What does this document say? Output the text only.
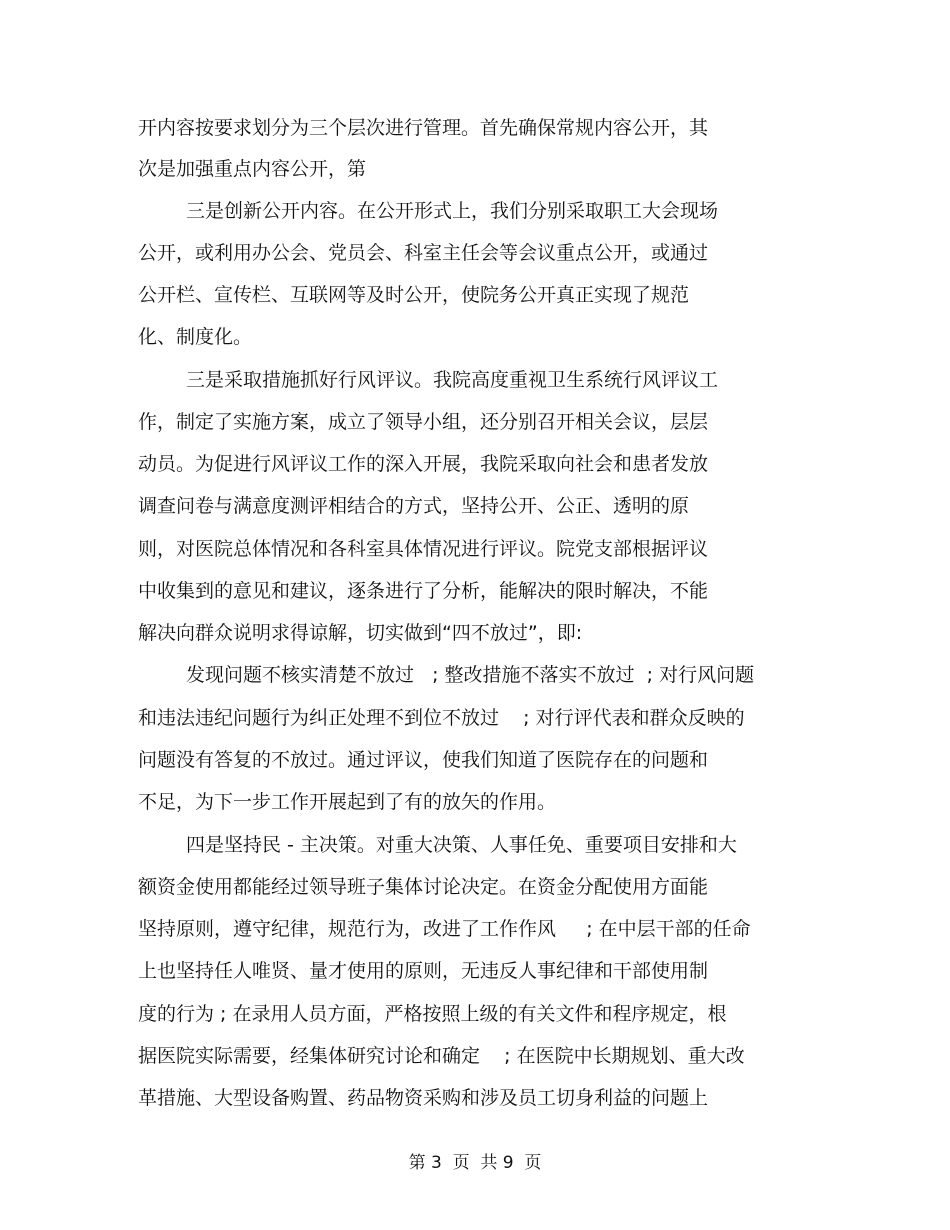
开内容按要求划分为三个层次进行管理。首先确保常规内容公开，其
次是加强重点内容公开，第
三是创新公开内容。在公开形式上，我们分别采取职工大会现场
公开，或利用办公会、党员会、科室主任会等会议重点公开，或通过
公开栏、宣传栏、互联网等及时公开，使院务公开真正实现了规范
化、制度化。
三是采取措施抓好行风评议。我院高度重视卫生系统行风评议工
作，制定了实施方案，成立了领导小组，还分别召开相关会议，层层
动员。为促进行风评议工作的深入开展，我院采取向社会和患者发放
调查问卷与满意度测评相结合的方式，坚持公开、公正、透明的原
则，对医院总体情况和各科室具体情况进行评议。院党支部根据评议
中收集到的意见和建议，逐条进行了分析，能解决的限时解决，不能
解决向群众说明求得谅解，切实做到“四不放过”，即:
发现问题不核实清楚不放过   ; 整改措施不落实不放过  ; 对行风问题
和违法违纪问题行为纠正处理不到位不放过    ; 对行评代表和群众反映的
问题没有答复的不放过。通过评议，使我们知道了医院存在的问题和
不足，为下一步工作开展起到了有的放矢的作用。
四是坚持民 - 主决策。对重大决策、人事任免、重要项目安排和大
额资金使用都能经过领导班子集体讨论决定。在资金分配使用方面能
坚持原则，遵守纪律，规范行为，改进了工作作风     ; 在中层干部的任命
上也坚持任人唯贤、量才使用的原则，无违反人事纪律和干部使用制
度的行为 ; 在录用人员方面，严格按照上级的有关文件和程序规定，根
据医院实际需要，经集体研究讨论和确定    ; 在医院中长期规划、重大改
革措施、大型设备购置、药品物资采购和涉及员工切身利益的问题上
第 3  页  共 9  页
